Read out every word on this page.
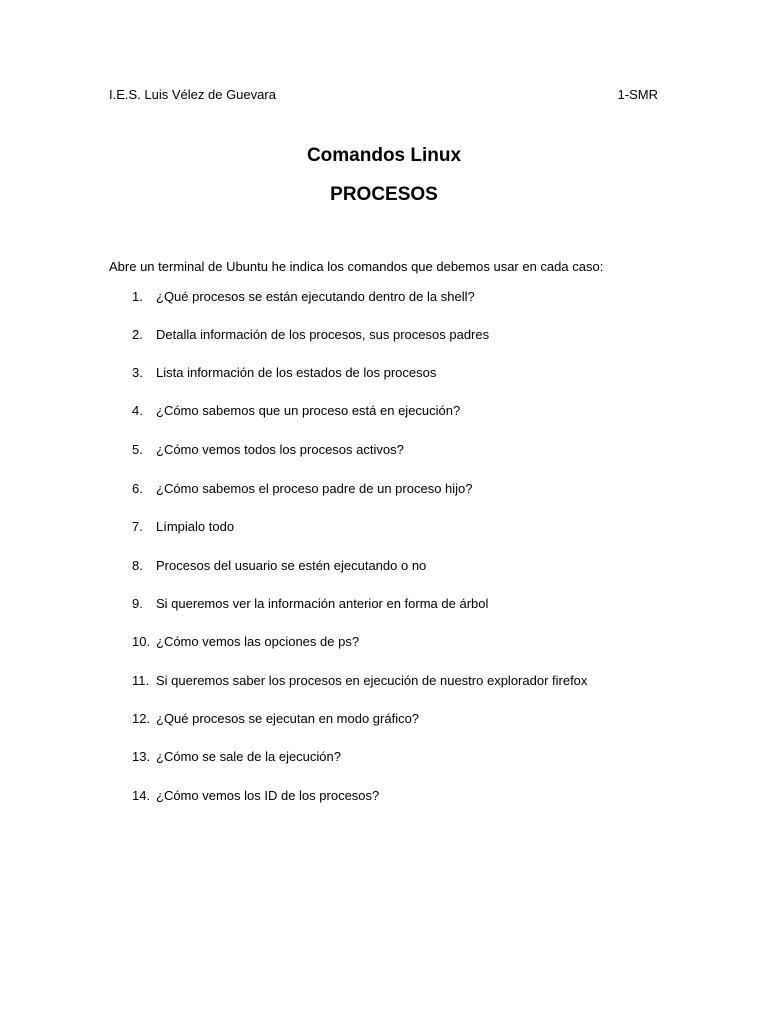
I.E.S. Luis Vélez de Guevara	1-SMR
Comandos Linux
PROCESOS
Abre un terminal de Ubuntu he indica los comandos que debemos usar en cada caso:
1. ¿Qué procesos se están ejecutando dentro de la shell?
2. Detalla información de los procesos, sus procesos padres
3. Lista información de los estados de los procesos
4. ¿Cómo sabemos que un proceso está en ejecución?
5. ¿Cómo vemos todos los procesos activos?
6. ¿Cómo sabemos el proceso padre de un proceso hijo?
7. Límpialo todo
8. Procesos del usuario se estén ejecutando o no
9. Si queremos ver la información anterior en forma de árbol
10. ¿Cómo vemos las opciones de ps?
11. Si queremos saber los procesos en ejecución de nuestro explorador firefox
12. ¿Qué procesos se ejecutan en modo gráfico?
13. ¿Cómo se sale de la ejecución?
14. ¿Cómo vemos los ID de los procesos?
